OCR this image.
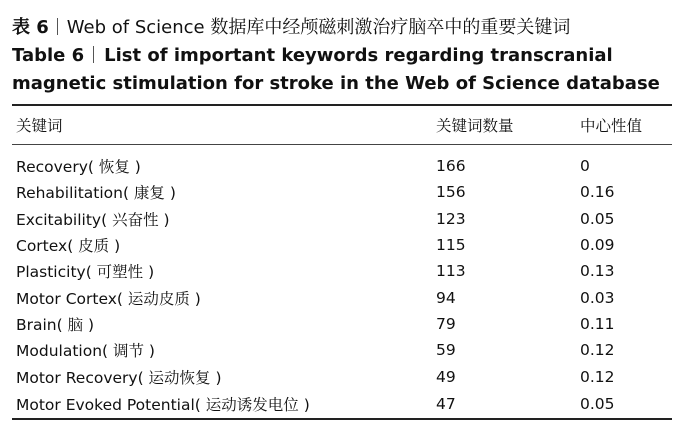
表 6 Web of Science 数据库中经颅磁刺激治疗脑卒中的重要关键词
Table 6 List of important keywords regarding transcranial magnetic stimulation for stroke in the Web of Science database
关键词	关键词数量	中心性值
Recovery( 恢复 )	166	0
Rehabilitation( 康复 )	156	0.16
Excitability( 兴奋性 )	123	0.05
Cortex( 皮质 )	115	0.09
Plasticity( 可塑性 )	113	0.13
Motor Cortex( 运动皮质 )	94	0.03
Brain( 脑 )	79	0.11
Modulation( 调节 )	59	0.12
Motor Recovery( 运动恢复 )	49	0.12
Motor Evoked Potential( 运动诱发电位 )	47	0.05
